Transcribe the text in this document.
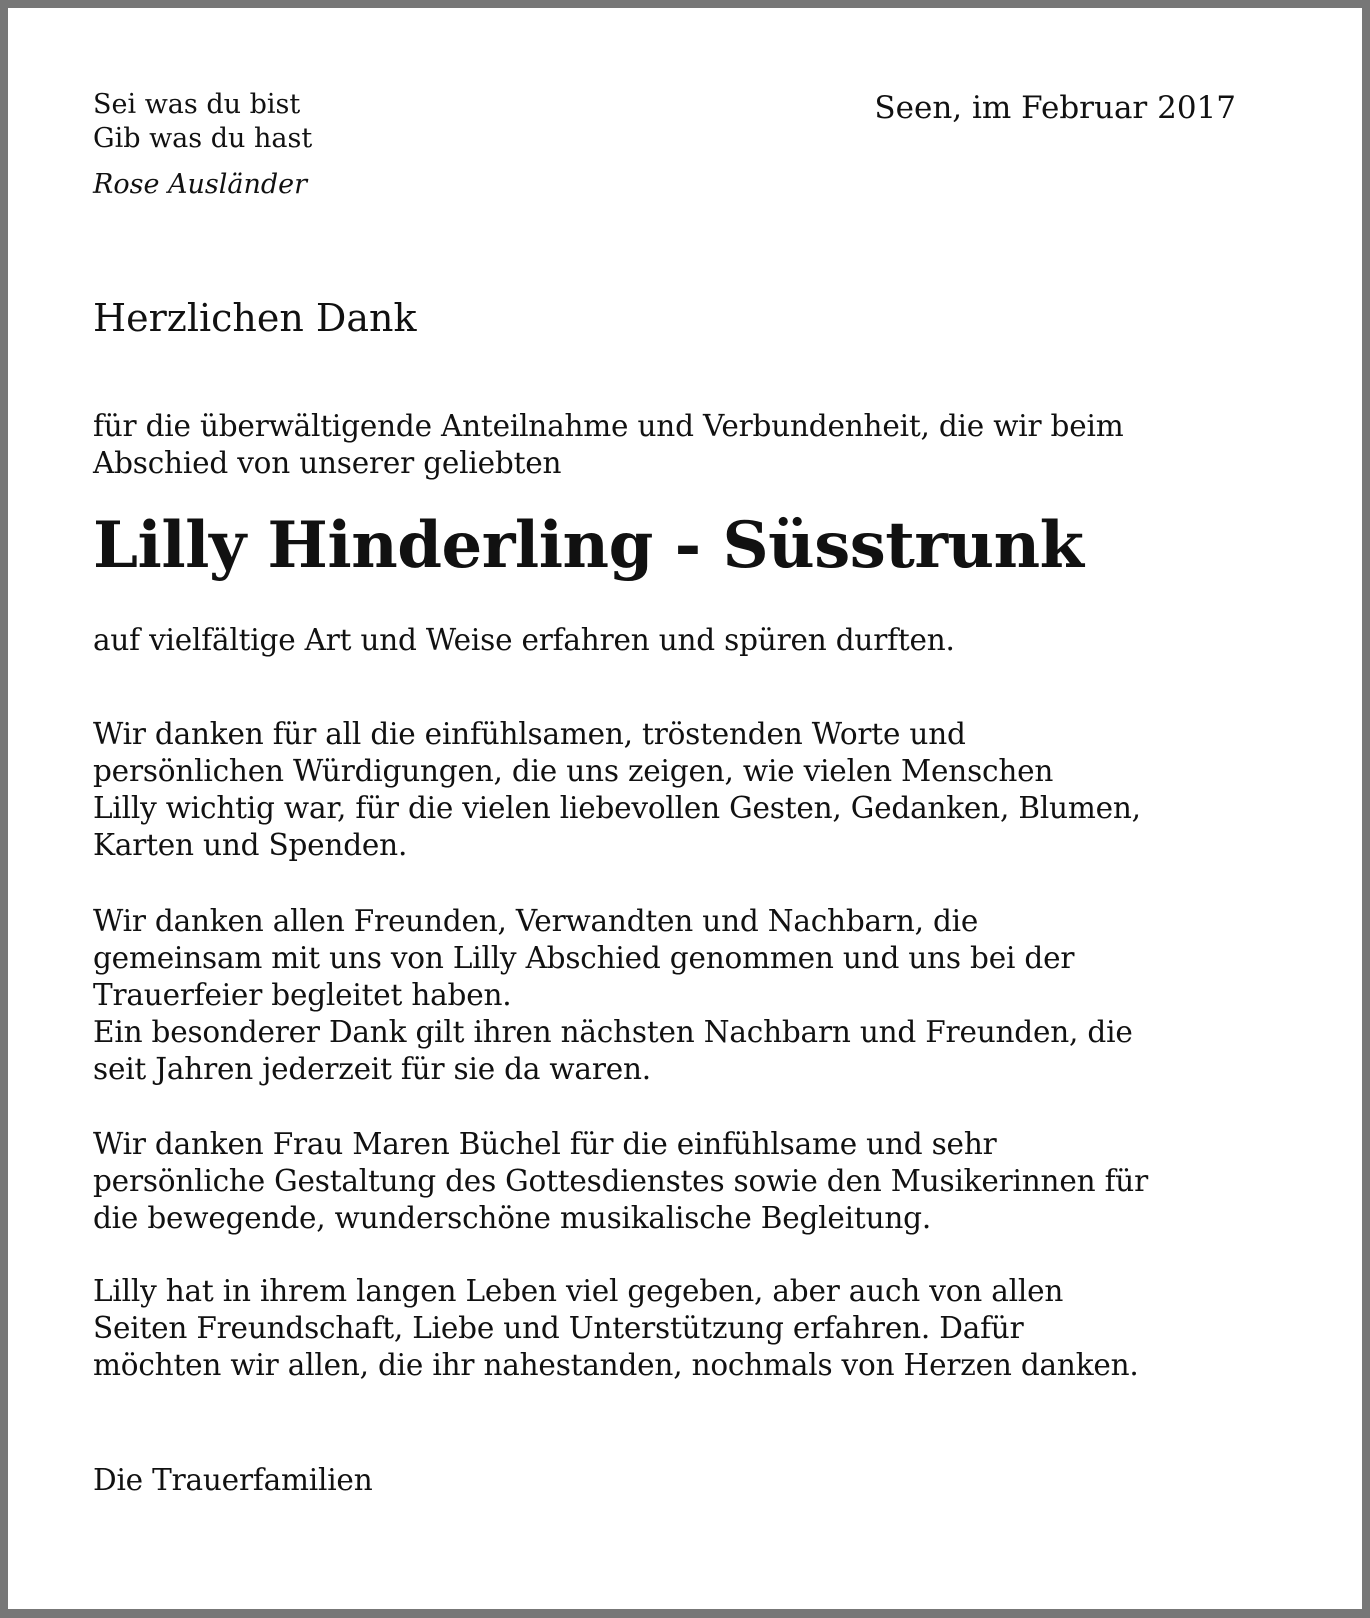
Sei was du bist
Gib was du hast
Rose Ausländer
Seen, im Februar 2017
Herzlichen Dank
für die überwältigende Anteilnahme und Verbundenheit, die wir beim
Abschied von unserer geliebten
Lilly Hinderling - Süsstrunk
auf vielfältige Art und Weise erfahren und spüren durften.
Wir danken für all die einfühlsamen, tröstenden Worte und
persönlichen Würdigungen, die uns zeigen, wie vielen Menschen
Lilly wichtig war, für die vielen liebevollen Gesten, Gedanken, Blumen,
Karten und Spenden.
Wir danken allen Freunden, Verwandten und Nachbarn, die
gemeinsam mit uns von Lilly Abschied genommen und uns bei der
Trauerfeier begleitet haben.
Ein besonderer Dank gilt ihren nächsten Nachbarn und Freunden, die
seit Jahren jederzeit für sie da waren.
Wir danken Frau Maren Büchel für die einfühlsame und sehr
persönliche Gestaltung des Gottesdienstes sowie den Musikerinnen für
die bewegende, wunderschöne musikalische Begleitung.
Lilly hat in ihrem langen Leben viel gegeben, aber auch von allen
Seiten Freundschaft, Liebe und Unterstützung erfahren. Dafür
möchten wir allen, die ihr nahestanden, nochmals von Herzen danken.
Die Trauerfamilien
